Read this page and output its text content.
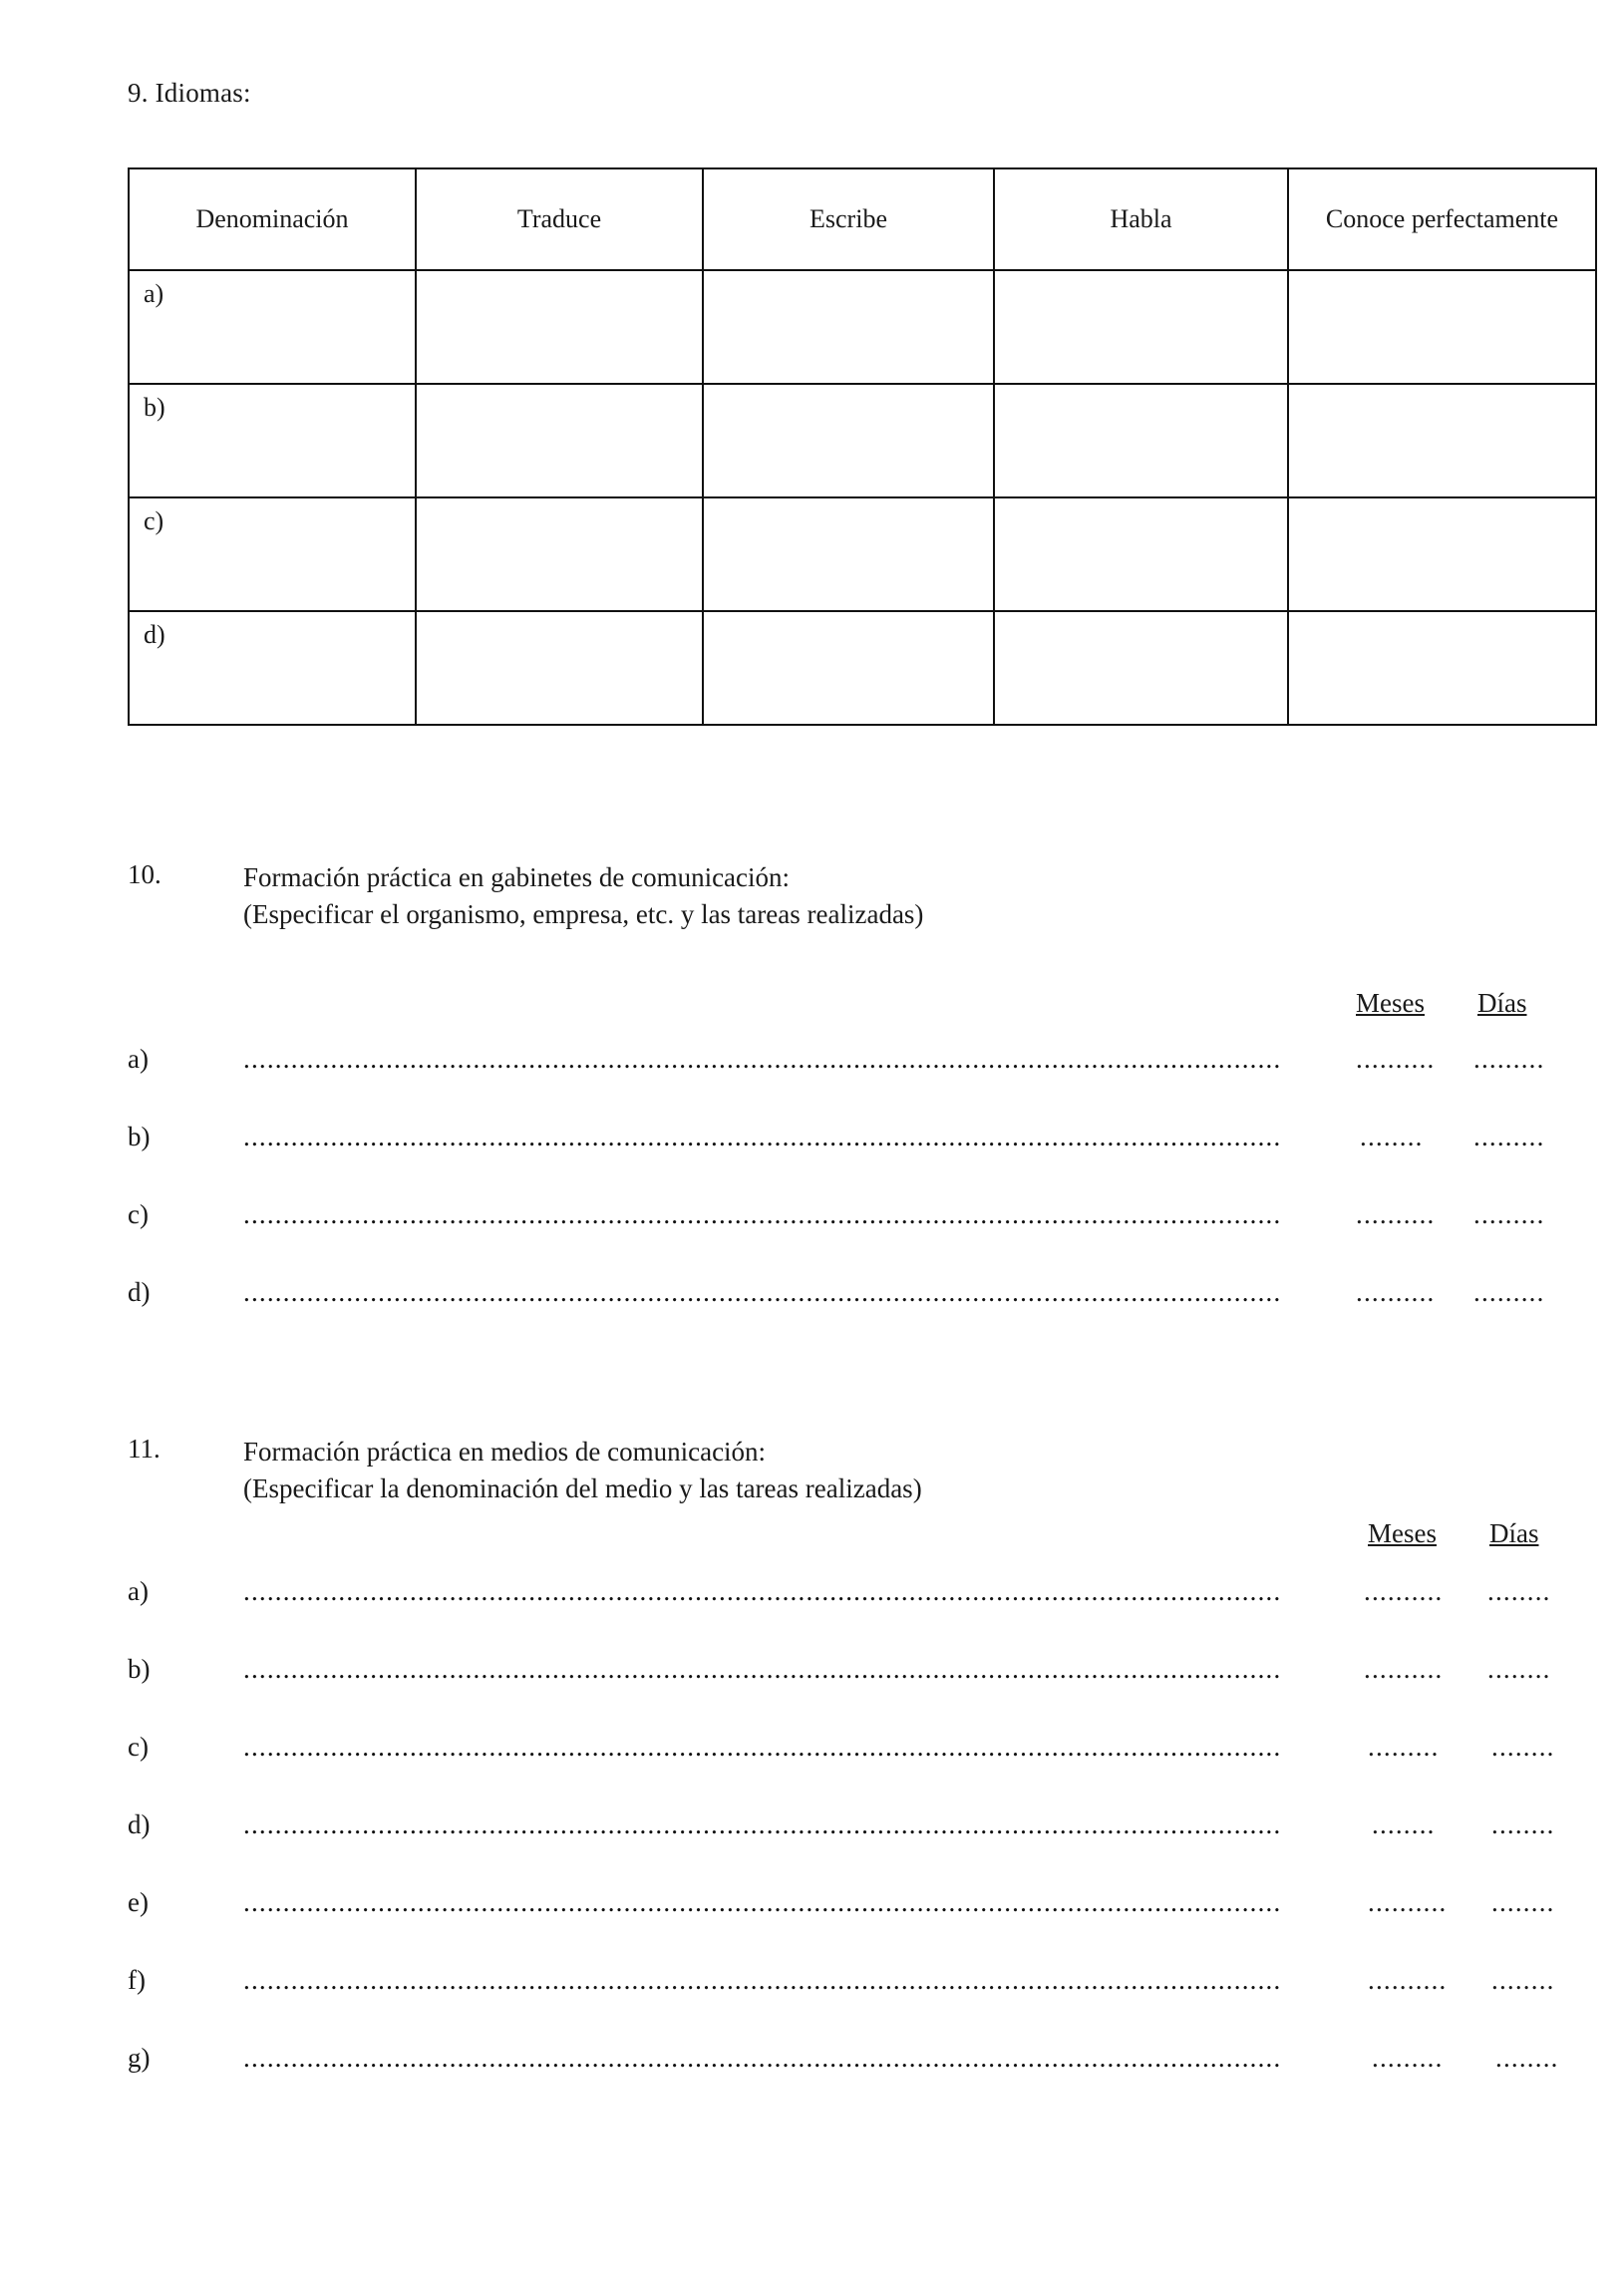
9. Idiomas:
Denominación	Traduce	Escribe	Habla	Conoce perfectamente
a)				
b)				
c)				
d)				
10.	Formación práctica en gabinetes de comunicación:
(Especificar el organismo, empresa, etc. y las tareas realizadas)
Meses Días
a)	...................................................................................................................................	.......... .........
b)	...................................................................................................................................	........ .........
c)	...................................................................................................................................	.......... .........
d)	...................................................................................................................................	.......... .........
11.	Formación práctica en medios de comunicación:
(Especificar la denominación del medio y las tareas realizadas)
Meses Días
a)	...................................................................................................................................	.......... ........
b)	...................................................................................................................................	.......... ........
c)	...................................................................................................................................	......... ........
d)	...................................................................................................................................	........ ........
e)	...................................................................................................................................	.......... ........
f)	...................................................................................................................................	.......... ........
g)	...................................................................................................................................	......... ........
